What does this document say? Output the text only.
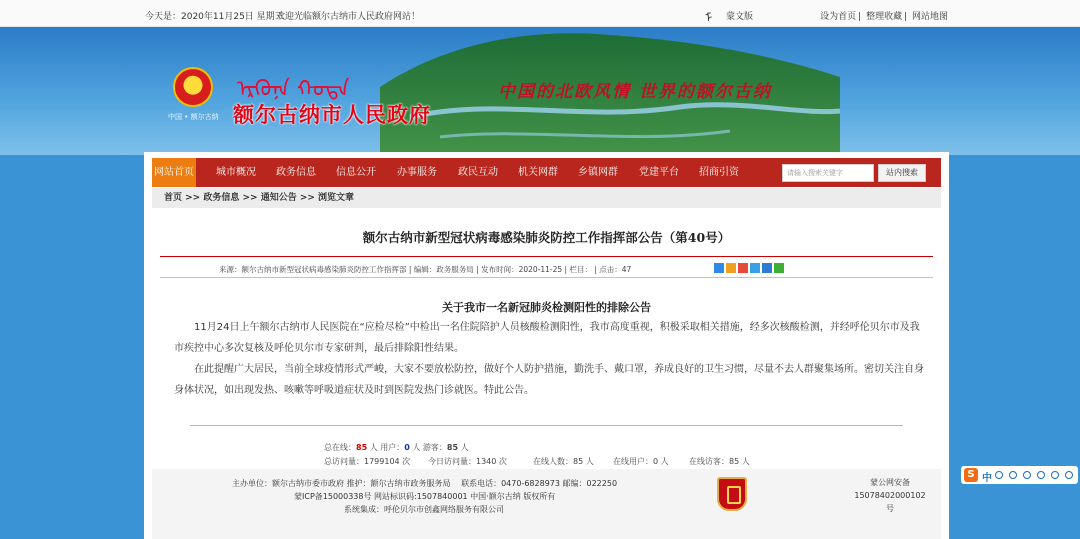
今天是：2020年11月25日 星期三
欢迎光临额尔古纳市人民政府网站！	ᠮ	蒙文版	设为首页 | 整理收藏 | 网站地图
中国 • 额尔古纳
ᠡᠷᠭᠦᠨᠡ ᠬᠣᠲᠠ
额尔古纳市人民政府
中国的北欧风情 世界的额尔古纳
网站首页 城市概况 政务信息 信息公开 办事服务 政民互动 机关网群 乡镇网群 党建平台 招商引资	请输入搜索关键字	站内搜索
首页 >> 政务信息 >> 通知公告 >> 浏览文章
额尔古纳市新型冠状病毒感染肺炎防控工作指挥部公告（第40号）
来源：额尔古纳市新型冠状病毒感染肺炎防控工作指挥部 | 编辑：政务服务局 | 发布时间：2020-11-25 | 栏目： | 点击：47
关于我市一名新冠肺炎检测阳性的排除公告

11月24日上午额尔古纳市人民医院在“应检尽检”中检出一名住院陪护人员核酸检测阳性，我市高度重视，积极采取相关措施，经多次核酸检测，并经呼伦贝尔市及我市疾控中心多次复核及呼伦贝尔市专家研判，最后排除阳性结果。

在此提醒广大居民，当前全球疫情形式严峻，大家不要放松防控，做好个人防护措施，勤洗手、戴口罩，养成良好的卫生习惯，尽量不去人群聚集场所。密切关注自身身体状况，如出现发热、咳嗽等呼吸道症状及时到医院发热门诊就医。特此公告。

总在线：85 人 用户：0 人 游客：85 人
总访问量：1799104 次 今日访问量：1340 次	在线人数：85 人 在线用户：0 人	在线访客：85 人
主办单位：额尔古纳市委市政府 推护：额尔古纳市政务服务局　 联系电话：0470-6828973 邮编：022250
蒙ICP备15000338号 网站标识码:1507840001 中国·额尔古纳 版权所有
系统集成：呼伦贝尔市创鑫网络服务有限公司
蒙公网安备 15078402000102 号
S 中
